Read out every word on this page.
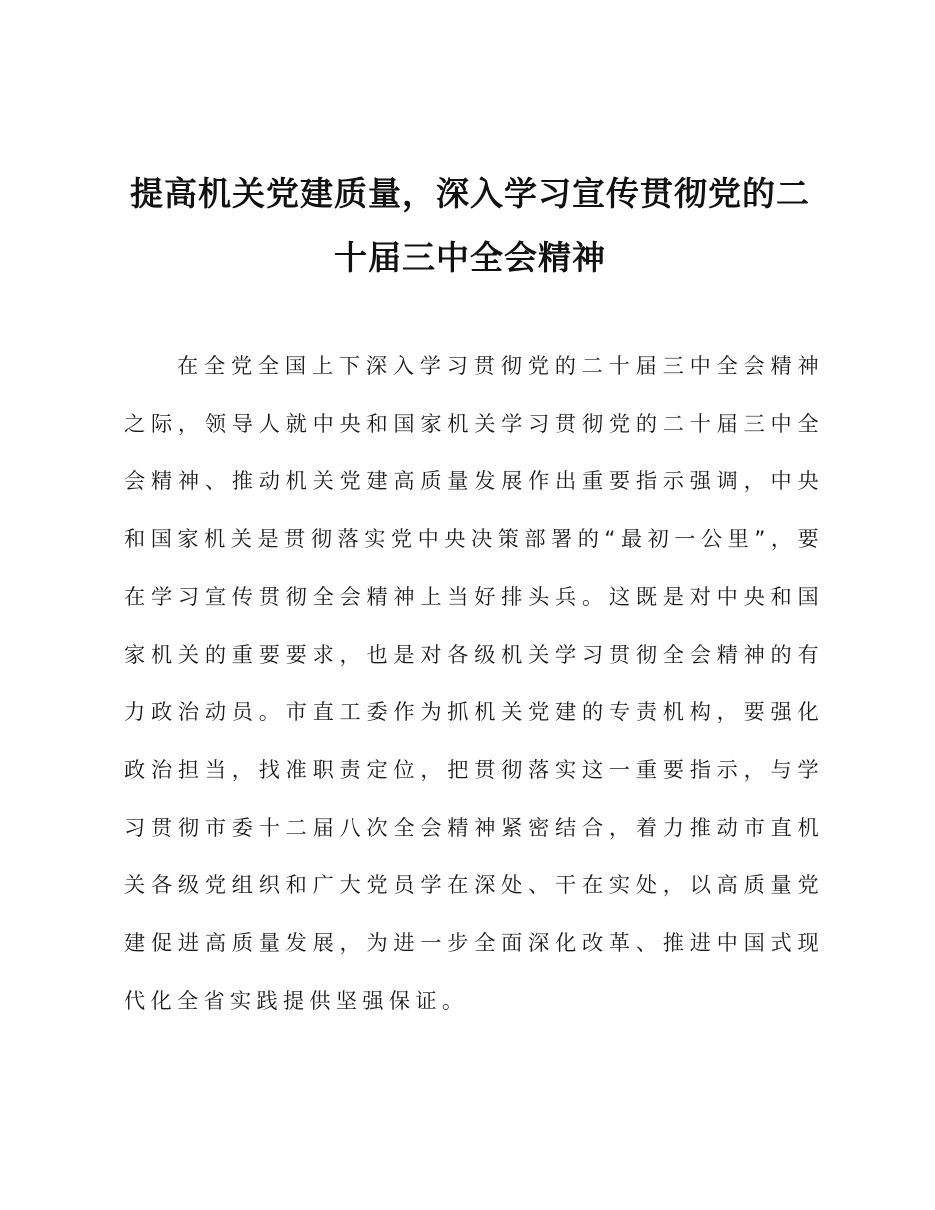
提高机关党建质量，深入学习宣传贯彻党的二十届三中全会精神

在全党全国上下深入学习贯彻党的二十届三中全会精神之际，领导人就中央和国家机关学习贯彻党的二十届三中全会精神、推动机关党建高质量发展作出重要指示强调，中央和国家机关是贯彻落实党中央决策部署的“最初一公里”，要在学习宣传贯彻全会精神上当好排头兵。这既是对中央和国家机关的重要要求，也是对各级机关学习贯彻全会精神的有力政治动员。市直工委作为抓机关党建的专责机构，要强化政治担当，找准职责定位，把贯彻落实这一重要指示，与学习贯彻市委十二届八次全会精神紧密结合，着力推动市直机关各级党组织和广大党员学在深处、干在实处，以高质量党建促进高质量发展，为进一步全面深化改革、推进中国式现代化全省实践提供坚强保证。
